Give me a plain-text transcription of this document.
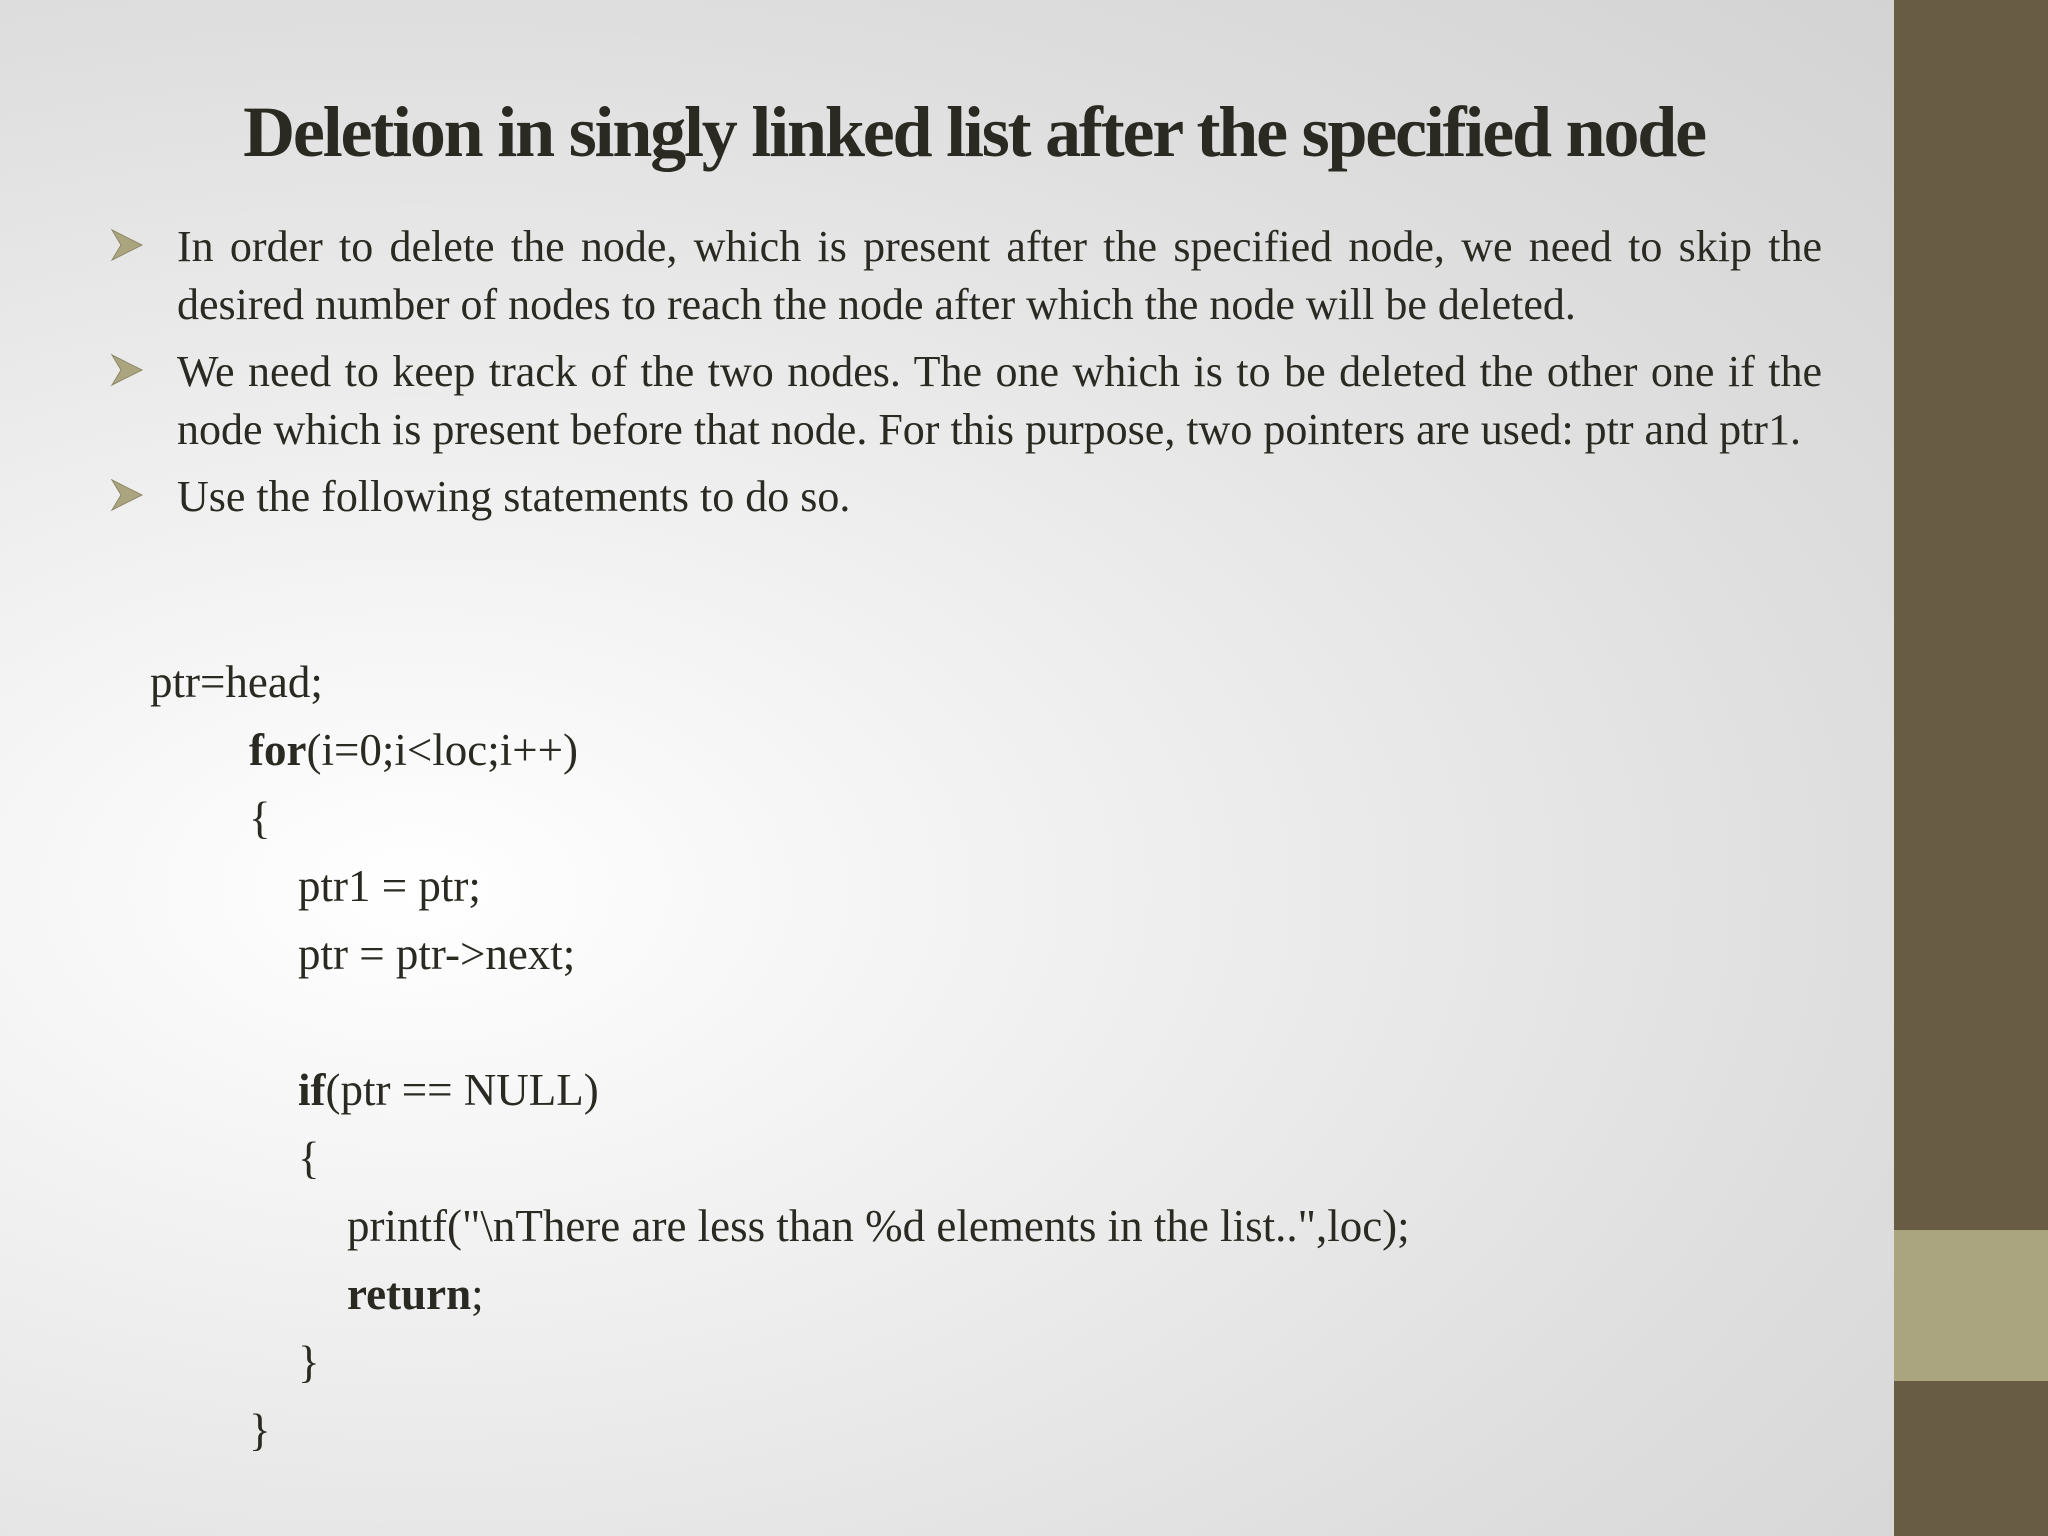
Deletion in singly linked list after the specified node
In order to delete the node, which is present after the specified node, we need to skip the desired number of nodes to reach the node after which the node will be deleted.
We need to keep track of the two nodes. The one which is to be deleted the other one if the node which is present before that node. For this purpose, two pointers are used: ptr and ptr1.
Use the following statements to do so.

ptr=head;

for(i=0;i<loc;i++)

{

ptr1 = ptr;

ptr = ptr->next;

if(ptr == NULL)

{

printf("\nThere are less than %d elements in the list..",loc);

return;

}

}
